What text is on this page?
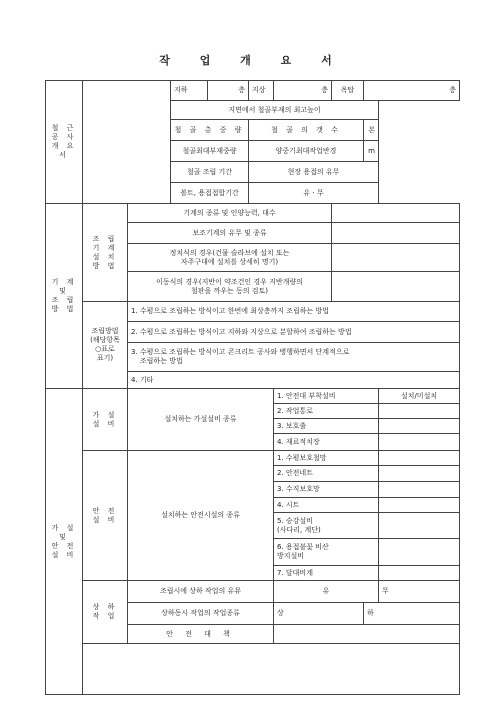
작 업 개 요 서
철 근 공 사
개 요 서			지하	층	지상	층	옥탑	층	
			지면에서 철골부재의 최고높이						
			철 골 총 중 량		철 골 의 갯 수			본	
			철골최대부재중량		양중기최대작업반경			m	
			철골 조립 기간		현장 용접의 유무				
			볼트, 용접접합기간		유 · 무				
기 계
및
조 립
방 법	조 립
기 계
설 치
방 법	기계의 종류 및 인양능력, 대수							
		보조기계의 유무 및 종류							
		정치식의 경우(건물 슬라브에 설치 또는
자주구대에 설치를 상세히 명기)							
		이동식의 경우(지반이 약조건인 경우 지반개량의
철판을 까우는 등의 검토)							
	조립방법
(해당항목
○표로
표기)	1. 수평으로 조립하는 방식이고 한번에 최상층까지 조립하는 방법							
		2. 수평으로 조립하는 방식이고 지하와 지상으로 분할하여 조립하는 방법							
		3. 수평으로 조립하는 방식이고 콘크리트 공사와 병행하면서 단계적으로
조립하는 방법							
		4. 기타							
가 설
및
안 전
설 비	가 설
설 비	설치하는 가설설비 종류				1. 안전대 부착설비			설치/미설치
						2. 작업통로			
						3. 보호출			
						4. 재료적치장			
	안 전
설 비	설치하는 안전시설의 종류				1. 수평보호철망			
						2. 안전네트			
						3. 수직보호망			
						4. 시트			
						5. 승강설비
(사다리, 계단)			
						6. 용접불꽃 비산
방지설비			
						7. 달대비계			
	상 하
작 업	조립시에 상하 작업의 유뮤				유			무
		상하동시 작업의 작업종류				상		하	
		안 전 대 책							
